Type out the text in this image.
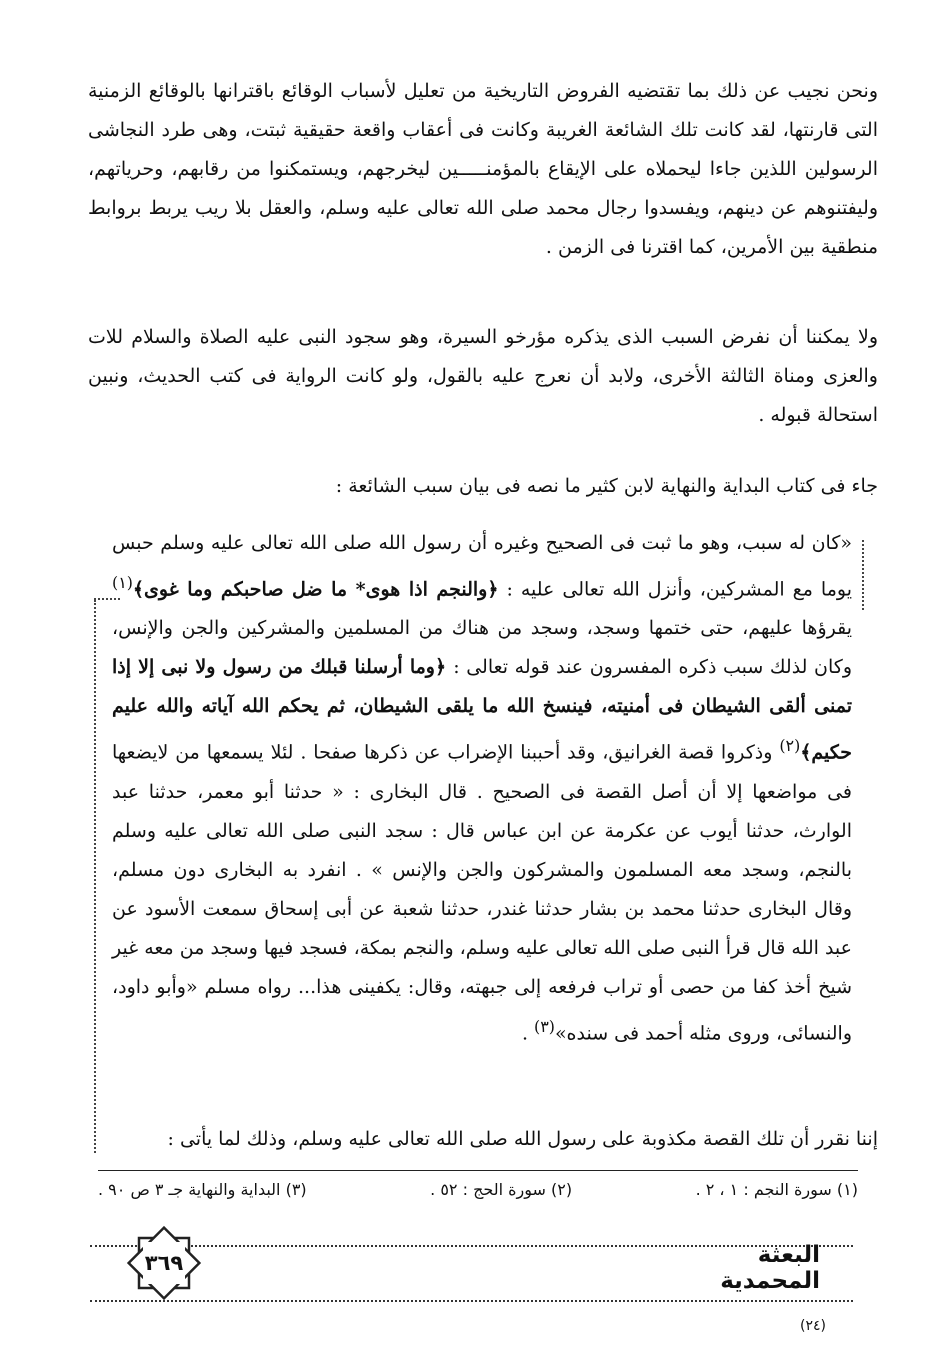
ونحن نجيب عن ذلك بما تقتضيه الفروض التاريخية من تعليل لأسباب الوقائع باقترانها بالوقائع الزمنية التى قارنتها، لقد كانت تلك الشائعة الغريبة وكانت فى أعقاب واقعة حقيقية ثبتت، وهى طرد النجاشى الرسولين اللذين جاءا ليحملاه على الإيقاع بالمؤمنـــــين ليخرجهم، ويستمكنوا من رقابهم، وحرياتهم، وليفتنوهم عن دينهم، ويفسدوا رجال محمد صلى الله تعالى عليه وسلم، والعقل بلا ريب يربط بروابط منطقية بين الأمرين، كما اقترنا فى الزمن .

ولا يمكننا أن نفرض السبب الذى يذكره مؤرخو السيرة، وهو سجود النبى عليه الصلاة والسلام للات والعزى ومناة الثالثة الأخرى، ولابد أن نعرج عليه بالقول، ولو كانت الرواية فى كتب الحديث، ونبين استحالة قبوله .

جاء فى كتاب البداية والنهاية لابن كثير ما نصه فى بيان سبب الشائعة :

«كان له سبب، وهو ما ثبت فى الصحيح وغيره أن رسول الله صلى الله تعالى عليه وسلم حبس يوما مع المشركين، وأنزل الله تعالى عليه : ﴿والنجم اذا هوى* ما ضل صاحبكم وما غوى﴾$^{(١)}$ يقرؤها عليهم، حتى ختمها وسجد، وسجد من هناك من المسلمين والمشركين والجن والإنس، وكان لذلك سبب ذكره المفسرون عند قوله تعالى : ﴿وما أرسلنا قبلك من رسول ولا نبى إلا إذا تمنى ألقى الشيطان فى أمنيته، فينسخ الله ما يلقى الشيطان، ثم يحكم الله آياته والله عليم حكيم﴾$^{(٢)}$ وذكروا قصة الغرانيق، وقد أحببنا الإضراب عن ذكرها صفحا . لئلا يسمعها من لايضعها فى مواضعها إلا أن أصل القصة فى الصحيح . قال البخارى : « حدثنا أبو معمر، حدثنا عبد الوارث، حدثنا أيوب عن عكرمة عن ابن عباس قال : سجد النبى صلى الله تعالى عليه وسلم بالنجم، وسجد معه المسلمون والمشركون والجن والإنس » . انفرد به البخارى دون مسلم، وقال البخارى حدثنا محمد بن بشار حدثنا غندر، حدثنا شعبة عن أبى إسحاق سمعت الأسود عن عبد الله قال قرأ النبى صلى الله تعالى عليه وسلم، والنجم بمكة، فسجد فيها وسجد من معه غير شيخ أخذ كفا من حصى أو تراب فرفعه إلى جبهته، وقال: يكفينى هذا... رواه مسلم «وأبو داود، والنسائى، وروى مثله أحمد فى سنده»$^{(٣)}$ .

إننا نقرر أن تلك القصة مكذوبة على رسول الله صلى الله تعالى عليه وسلم، وذلك لما يأتى :

(١) سورة النجم : ١ ، ٢ .
(٢) سورة الحج : ٥٢ .
(٣) البداية والنهاية جـ ٣ ص ٩٠ .
٣٦٩	البعثة المحمدية
(٢٤)
